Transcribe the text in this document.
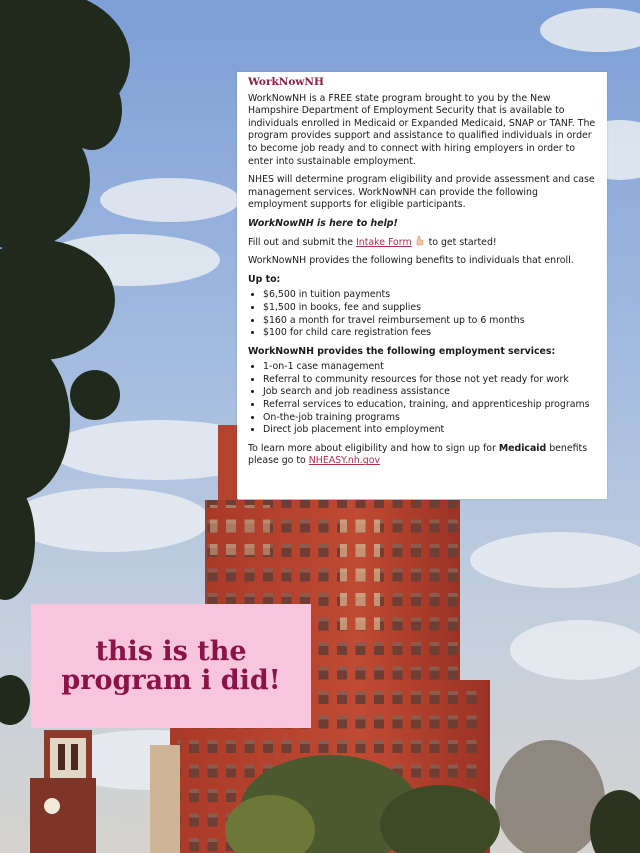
WorkNowNH

WorkNowNH is a FREE state program brought to you by the New Hampshire Department of Employment Security that is available to individuals enrolled in Medicaid or Expanded Medicaid, SNAP or TANF. The program provides support and assistance to qualified individuals in order to become job ready and to connect with hiring employers in order to enter into sustainable employment.

NHES will determine program eligibility and provide assessment and case management services. WorkNowNH can provide the following employment supports for eligible participants.

WorkNowNH is here to help!

Fill out and submit the Intake Form to get started!

WorkNowNH provides the following benefits to individuals that enroll.

Up to:
• $6,500 in tuition payments
• $1,500 in books, fee and supplies
• $160 a month for travel reimbursement up to 6 months
• $100 for child care registration fees
WorkNowNH provides the following employment services:
• 1-on-1 case management
• Referral to community resources for those not yet ready for work
• Job search and job readiness assistance
• Referral services to education, training, and apprenticeship programs
• On-the-job training programs
• Direct job placement into employment

To learn more about eligibility and how to sign up for Medicaid benefits please go to NHEASY.nh.gov

this is the
program i did!
